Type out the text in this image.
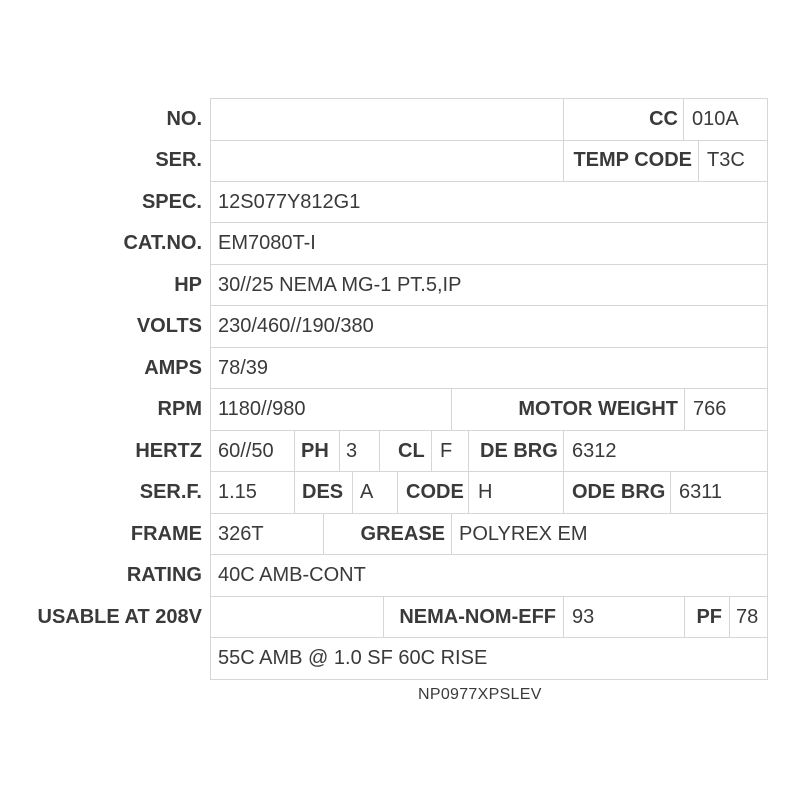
NO.	CC 010A
SER.	TEMP CODE T3C
SPEC. 12S077Y812G1
CAT.NO. EM7080T-I
HP 30//25 NEMA MG-1 PT.5,IP
VOLTS 230/460//190/380
AMPS 78/39
RPM 1180//980	MOTOR WEIGHT 766
HERTZ 60//50 PH 3 CL F DE BRG 6312
SER.F. 1.15 DES A CODE H	ODE BRG 6311
FRAME 326T	GREASE POLYREX EM
RATING 40C AMB-CONT
USABLE AT 208V	NEMA-NOM-EFF 93	PF 78
55C AMB @ 1.0 SF 60C RISE
NP0977XPSLEV
